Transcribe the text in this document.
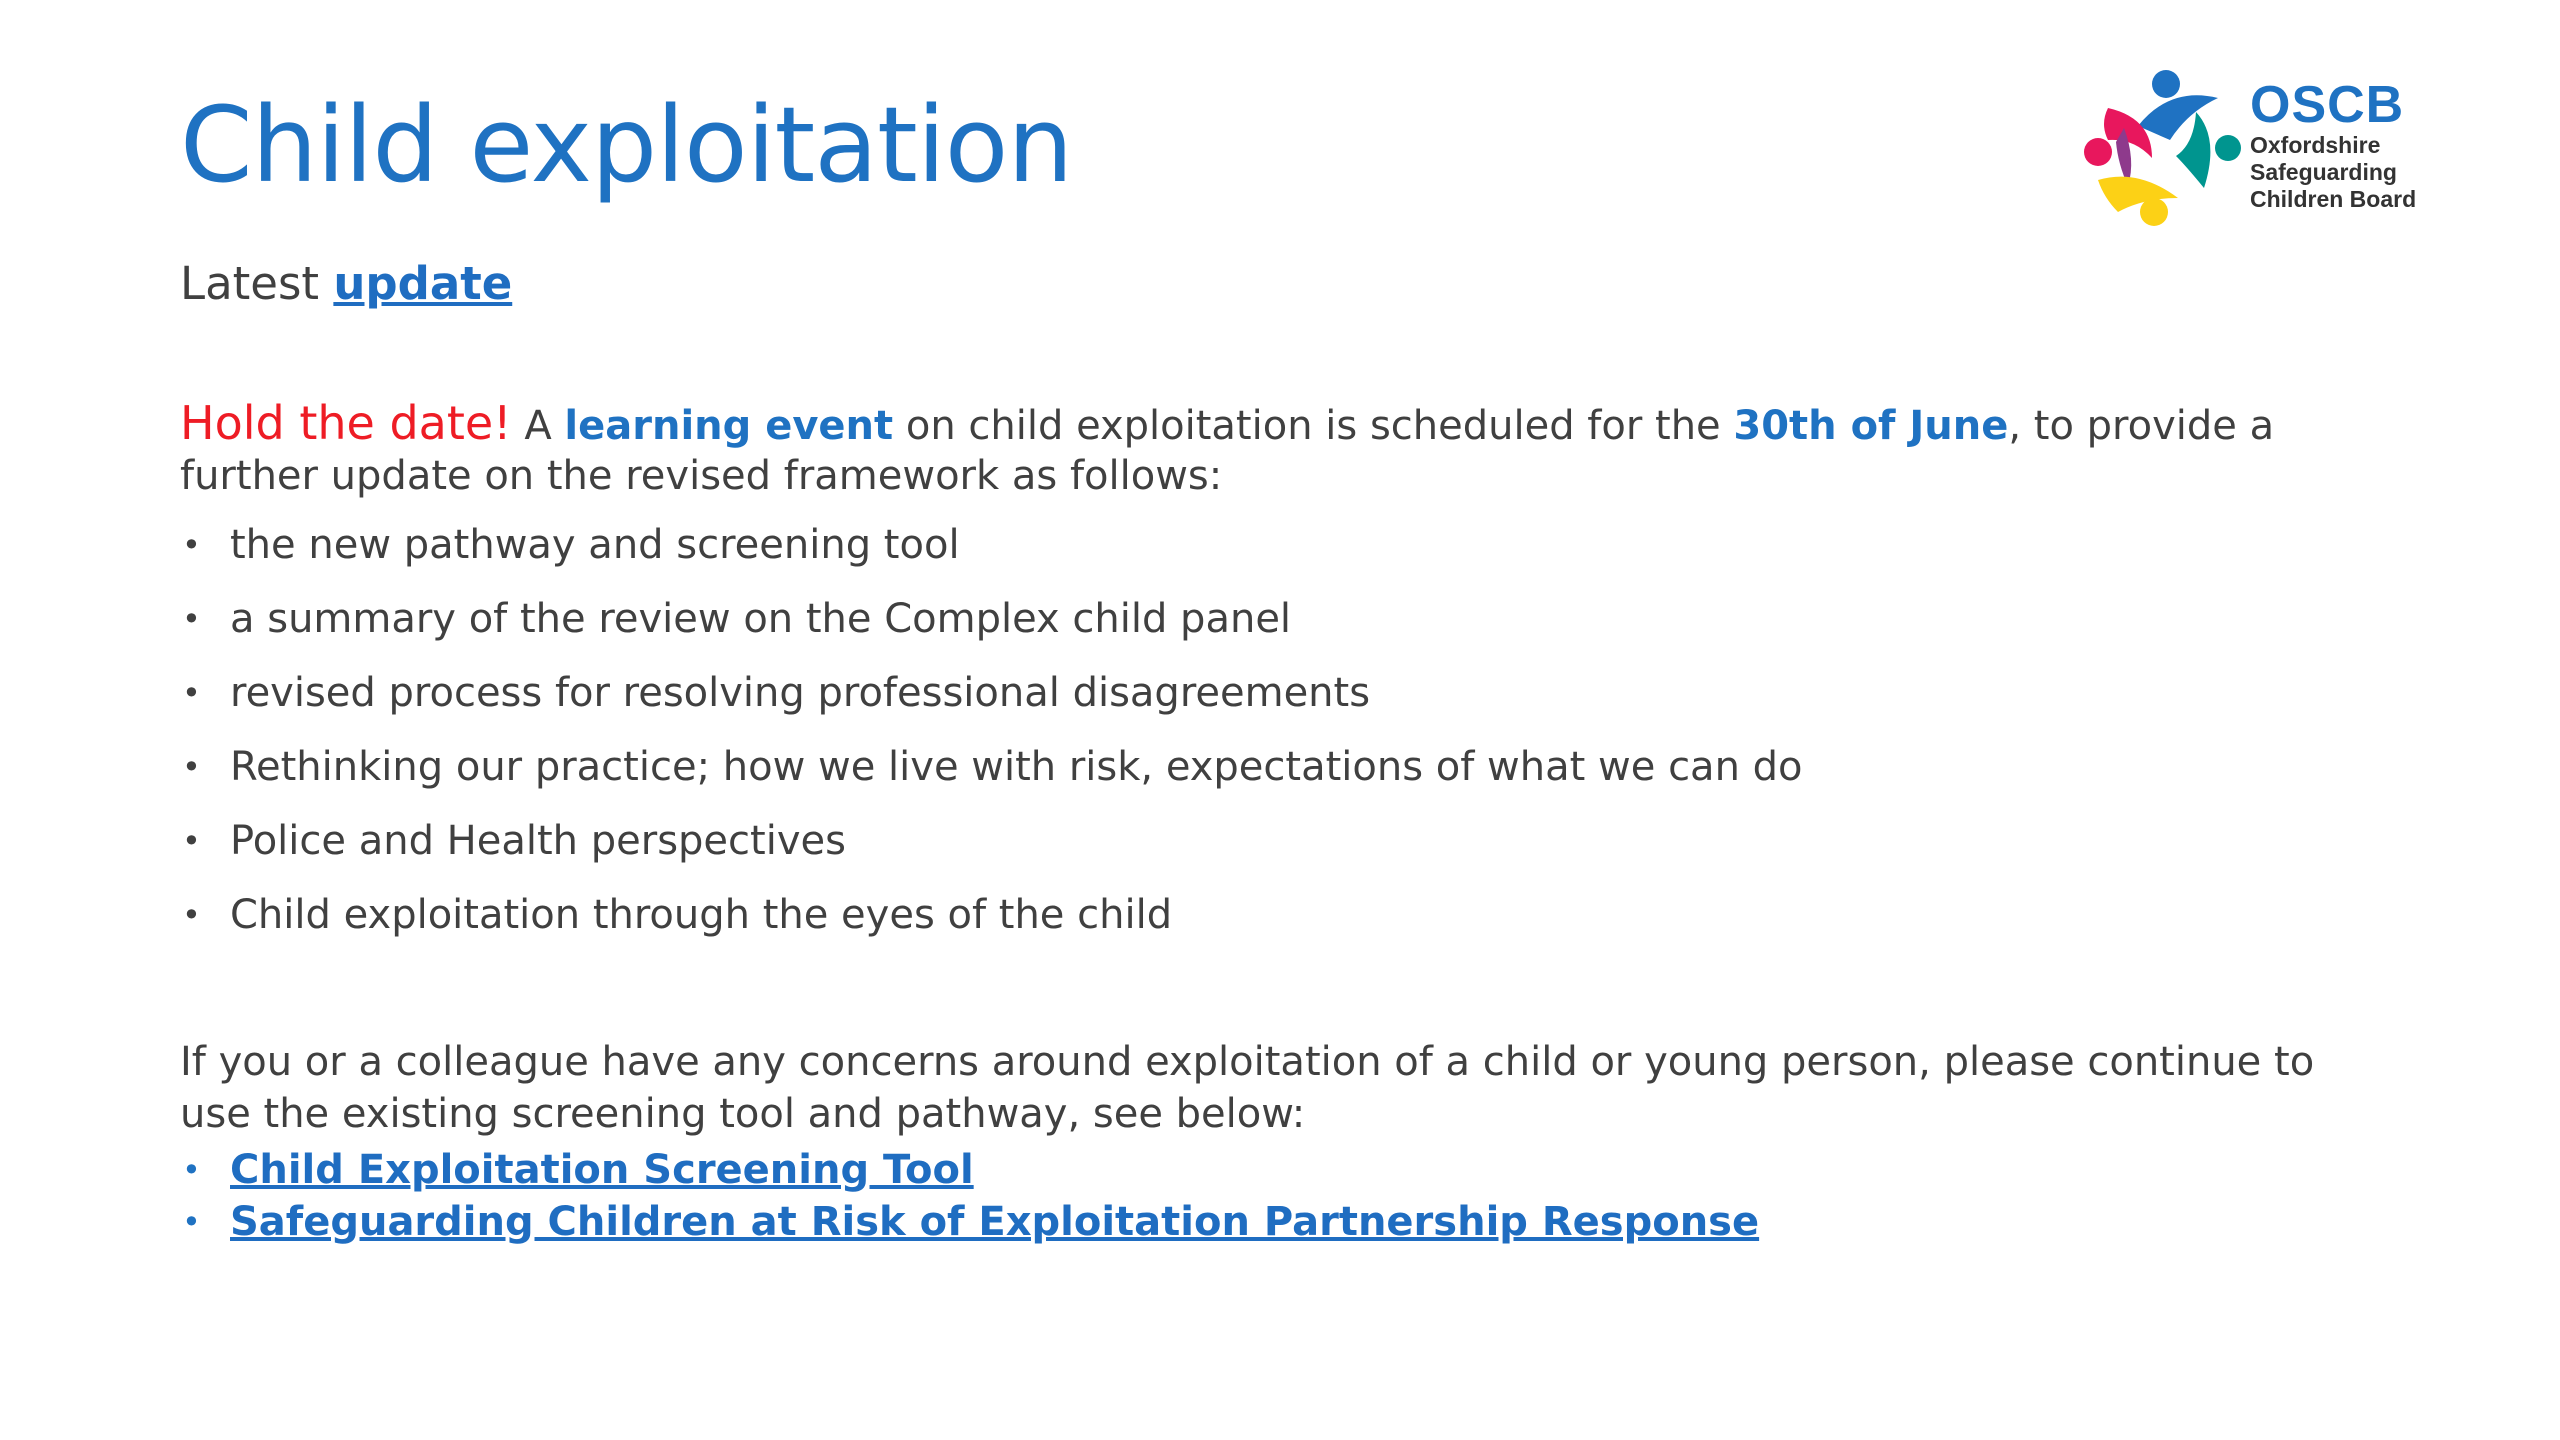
Child exploitation	OSCB
Oxfordshire
Safeguarding
Children Board

Latest update

Hold the date! A learning event on child exploitation is scheduled for the 30th of June, to provide a further update on the revised framework as follows:

• the new pathway and screening tool
• a summary of the review on the Complex child panel
• revised process for resolving professional disagreements
• Rethinking our practice; how we live with risk, expectations of what we can do
• Police and Health perspectives
• Child exploitation through the eyes of the child

If you or a colleague have any concerns around exploitation of a child or young person, please continue to use the existing screening tool and pathway, see below:

• Child Exploitation Screening Tool
• Safeguarding Children at Risk of Exploitation Partnership Response
